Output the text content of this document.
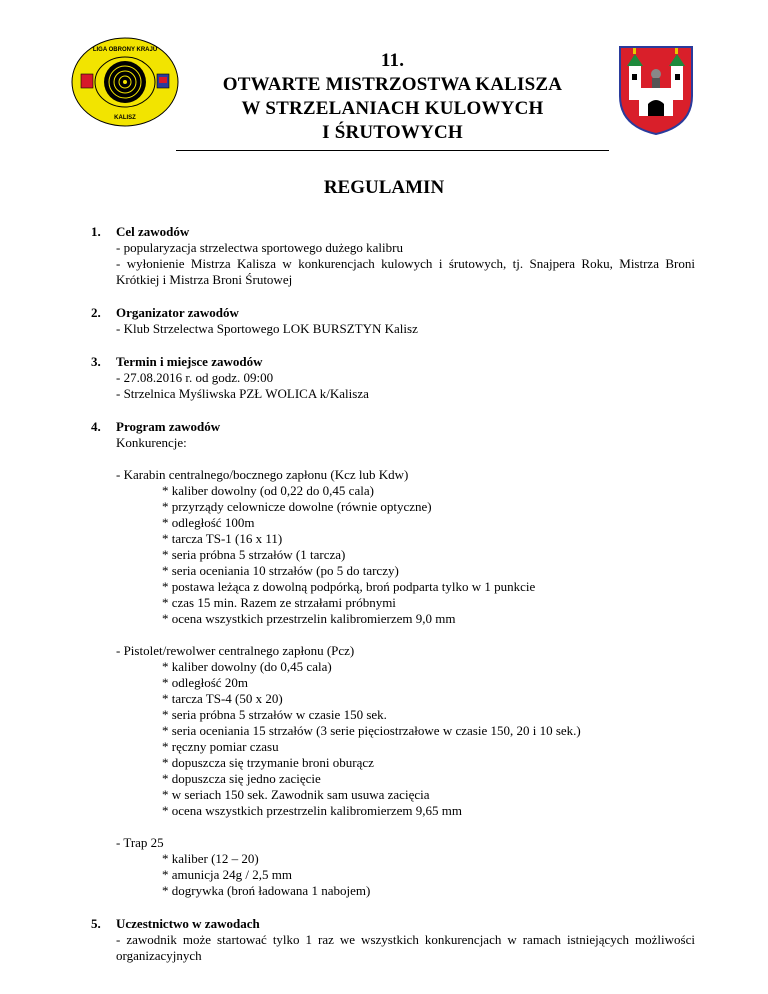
LIGA OBRONY KRAJU
KALISZ
11.
OTWARTE MISTRZOSTWA KALISZA
W STRZELANIACH KULOWYCH
I ŚRUTOWYCH
REGULAMIN
1. Cel zawodów
- popularyzacja strzelectwa sportowego dużego kalibru
- wyłonienie Mistrza Kalisza w konkurencjach kulowych i śrutowych, tj. Snajpera Roku, Mistrza Broni Krótkiej i Mistrza Broni Śrutowej
2. Organizator zawodów
- Klub Strzelectwa Sportowego LOK BURSZTYN Kalisz
3. Termin i miejsce zawodów
- 27.08.2016 r. od godz. 09:00
- Strzelnica Myśliwska PZŁ WOLICA k/Kalisza
4. Program zawodów
Konkurencje:
- Karabin centralnego/bocznego zapłonu (Kcz lub Kdw)
* kaliber dowolny (od 0,22 do 0,45 cala)
* przyrządy celownicze dowolne (równie optyczne)
* odległość 100m
* tarcza TS-1 (16 x 11)
* seria próbna 5 strzałów (1 tarcza)
* seria oceniania 10 strzałów (po 5 do tarczy)
* postawa leżąca z dowolną podpórką, broń podparta tylko w 1 punkcie
* czas 15 min. Razem ze strzałami próbnymi
* ocena wszystkich przestrzelin kalibromierzem 9,0 mm
- Pistolet/rewolwer centralnego zapłonu (Pcz)
* kaliber dowolny (do 0,45 cala)
* odległość 20m
* tarcza TS-4 (50 x 20)
* seria próbna 5 strzałów w czasie 150 sek.
* seria oceniania 15 strzałów (3 serie pięciostrzałowe w czasie 150, 20 i 10 sek.)
* ręczny pomiar czasu
* dopuszcza się trzymanie broni oburącz
* dopuszcza się jedno zacięcie
* w seriach 150 sek. Zawodnik sam usuwa zacięcia
* ocena wszystkich przestrzelin kalibromierzem 9,65 mm
- Trap 25
* kaliber (12 – 20)
* amunicja 24g / 2,5 mm
* dogrywka (broń ładowana 1 nabojem)
5. Uczestnictwo w zawodach
- zawodnik może startować tylko 1 raz we wszystkich konkurencjach w ramach istniejących możliwości organizacyjnych
